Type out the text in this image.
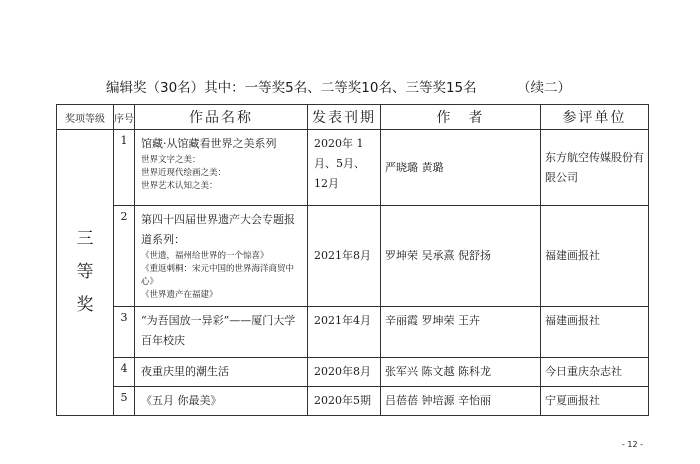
编辑奖（30名）其中：一等奖5名、二等奖10名、三等奖15名	（续二）
奖项等级	序号	作品名称	发表刊期	作　者	参评单位
三等奖	1	馆藏·从馆藏看世界之美系列
世界文字之美：
世界近现代绘画之美：
世界艺术认知之美：	2020年 1月、5月、12月	严晓璐 黄璐	东方航空传媒股份有限公司
	2	第四十四届世界遗产大会专题报道系列：
《世遗，福州给世界的一个惊喜》
《重返刺桐：宋元中国的世界海洋商贸中心》
《世界遗产在福建》	2021年8月	罗坤荣 吴承熹 倪舒扬	福建画报社
	3	“为吾国放一异彩”——厦门大学百年校庆	2021年4月	辛丽霞 罗坤荣 王卉	福建画报社
	4	夜重庆里的潮生活	2020年8月	张军兴 陈文越 陈科龙	今日重庆杂志社
	5	《五月 你最美》	2020年5期	吕蓓蓓 钟培源 辛怡丽	宁夏画报社
- 12 -
